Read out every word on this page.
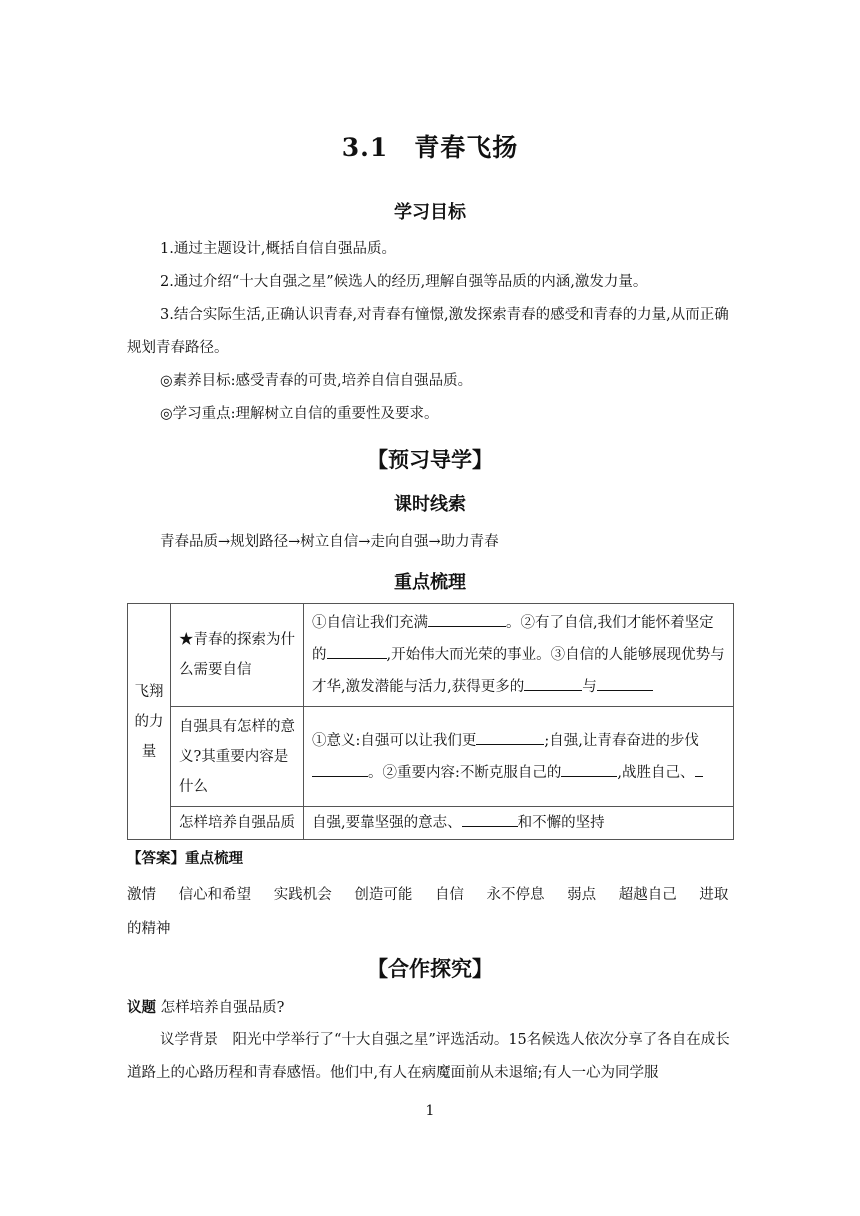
3.1　青春飞扬
学习目标
1.通过主题设计,概括自信自强品质。
2.通过介绍“十大自强之星”候选人的经历,理解自强等品质的内涵,激发力量。
3.结合实际生活,正确认识青春,对青春有憧憬,激发探索青春的感受和青春的力量,从而正确规划青春路径。
◎素养目标:感受青春的可贵,培养自信自强品质。
◎学习重点:理解树立自信的重要性及要求。
【预习导学】
课时线索
青春品质→规划路径→树立自信→走向自强→助力青春
重点梳理
飞翔的力量	★青春的探索为什么需要自信	①自信让我们充满 。②有了自信,我们才能怀着坚定的 ,开始伟大而光荣的事业。③自信的人能够展现优势与才华,激发潜能与活力,获得更多的 与
	自强具有怎样的意义?其重要内容是什么	①意义:自强可以让我们更 ;自强,让青春奋进的步伐。②重要内容:不断克服自己的 ,战胜自己、
	怎样培养自强品质	自强,要靠坚强的意志、 和不懈的坚持
【答案】重点梳理
激情 信心和希望 实践机会 创造可能 自信 永不停息 弱点 超越自己 进取的精神
【合作探究】
议题 怎样培养自强品质?
议学背景　 阳光中学举行了“十大自强之星”评选活动。15名候选人依次分享了各自在成长道路上的心路历程和青春感悟。他们中,有人在病魔面前从未退缩;有人一心为同学服
1
